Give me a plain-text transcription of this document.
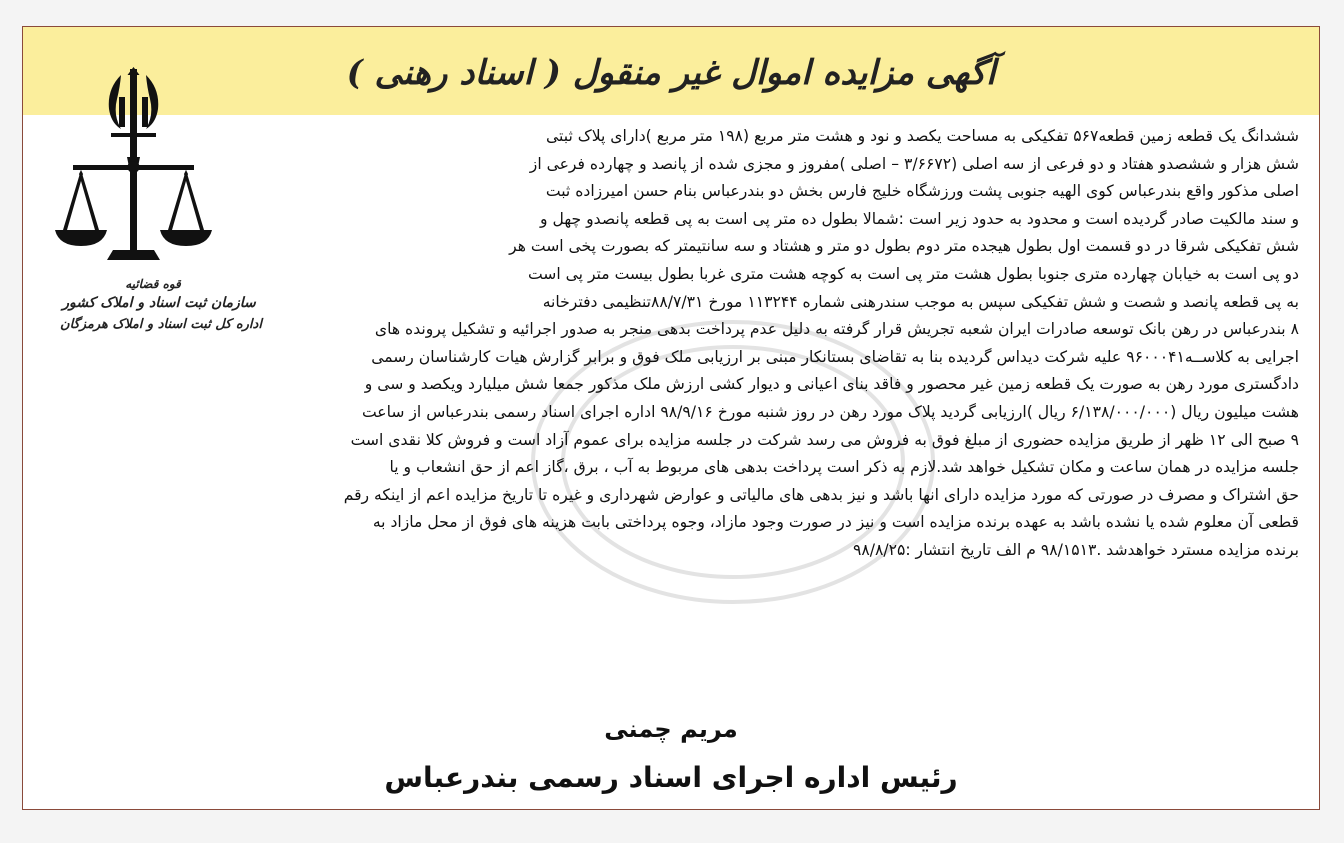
آگهی مزایده اموال غیر منقول ( اسناد رهنی )
قوه قضائیه
سازمان ثبت اسناد و املاک کشور
اداره کل ثبت اسناد و املاک هرمزگان
ششدانگ یک قطعه زمین قطعه۵۶۷ تفکیکی به مساحت یکصد و نود و هشت متر مربع (۱۹۸ متر مربع )دارای پلاک ثبتی
شش هزار و ششصدو هفتاد و دو فرعی از سه اصلی (۳/۶۶۷۲ – اصلی )مفروز و مجزی شده از پانصد و چهارده فرعی از
اصلی مذکور واقع بندرعباس کوی الهیه جنوبی پشت ورزشگاه خلیج فارس بخش دو بندرعباس بنام حسن امیرزاده ثبت
و سند مالکیت صادر گردیده است و محدود به حدود زیر است :شمالا بطول ده متر پی است به پی قطعه پانصدو چهل و
شش تفکیکی شرقا در دو قسمت اول بطول هیجده متر دوم بطول دو متر و هشتاد و سه سانتیمتر که بصورت پخی است هر
دو پی است به خیابان چهارده متری جنوبا بطول هشت متر پی است به کوچه هشت متری غربا بطول بیست متر پی است
به پی قطعه پانصد و شصت و شش تفکیکی سپس به موجب سندرهنی شماره ۱۱۳۲۴۴ مورخ ۸۸/۷/۳۱تنظیمی دفترخانه
۸ بندرعباس در رهن بانک توسعه صادرات ایران شعبه تجریش قرار گرفته به دلیل عدم پرداخت بدهی منجر به صدور اجرائیه و تشکیل پرونده های
اجرایی به کلاســه۹۶۰۰۰۴۱ علیه شرکت دیداس گردیده بنا به تقاضای بستانکار مبنی بر ارزیابی ملک فوق و برابر گزارش هیات کارشناسان رسمی
دادگستری مورد رهن به صورت یک قطعه زمین غیر محصور و فاقد بنای اعیانی و دیوار کشی ارزش ملک مذکور جمعا شش میلیارد ویکصد و سی و
هشت میلیون ریال (۶/۱۳۸/۰۰۰/۰۰۰ ریال )ارزیابی گردید پلاک مورد رهن در روز شنبه مورخ ۹۸/۹/۱۶ اداره اجرای اسناد رسمی بندرعباس از ساعت
۹ صبح الی ۱۲ ظهر از طریق مزایده حضوری از مبلغ فوق به فروش می رسد شرکت در جلسه مزایده برای عموم آزاد است و فروش کلا نقدی است
جلسه مزایده در همان ساعت و مکان تشکیل خواهد شد.لازم به ذکر است پرداخت بدهی های مربوط به آب ، برق ،گاز اعم از حق انشعاب و یا
حق اشتراک و مصرف در صورتی که مورد مزایده دارای انها باشد و نیز بدهی های مالیاتی و عوارض شهرداری و غیره تا تاریخ مزایده اعم از اینکه رقم
قطعی آن معلوم شده یا نشده باشد به عهده برنده مزایده است و نیز در صورت وجود مازاد، وجوه پرداختی بابت هزینه های فوق از محل مازاد به
برنده مزایده مسترد خواهدشد .۹۸/۱۵۱۳ م الف تاریخ انتشار :۹۸/۸/۲۵
مریم چمنی
رئیس اداره اجرای اسناد رسمی بندرعباس
